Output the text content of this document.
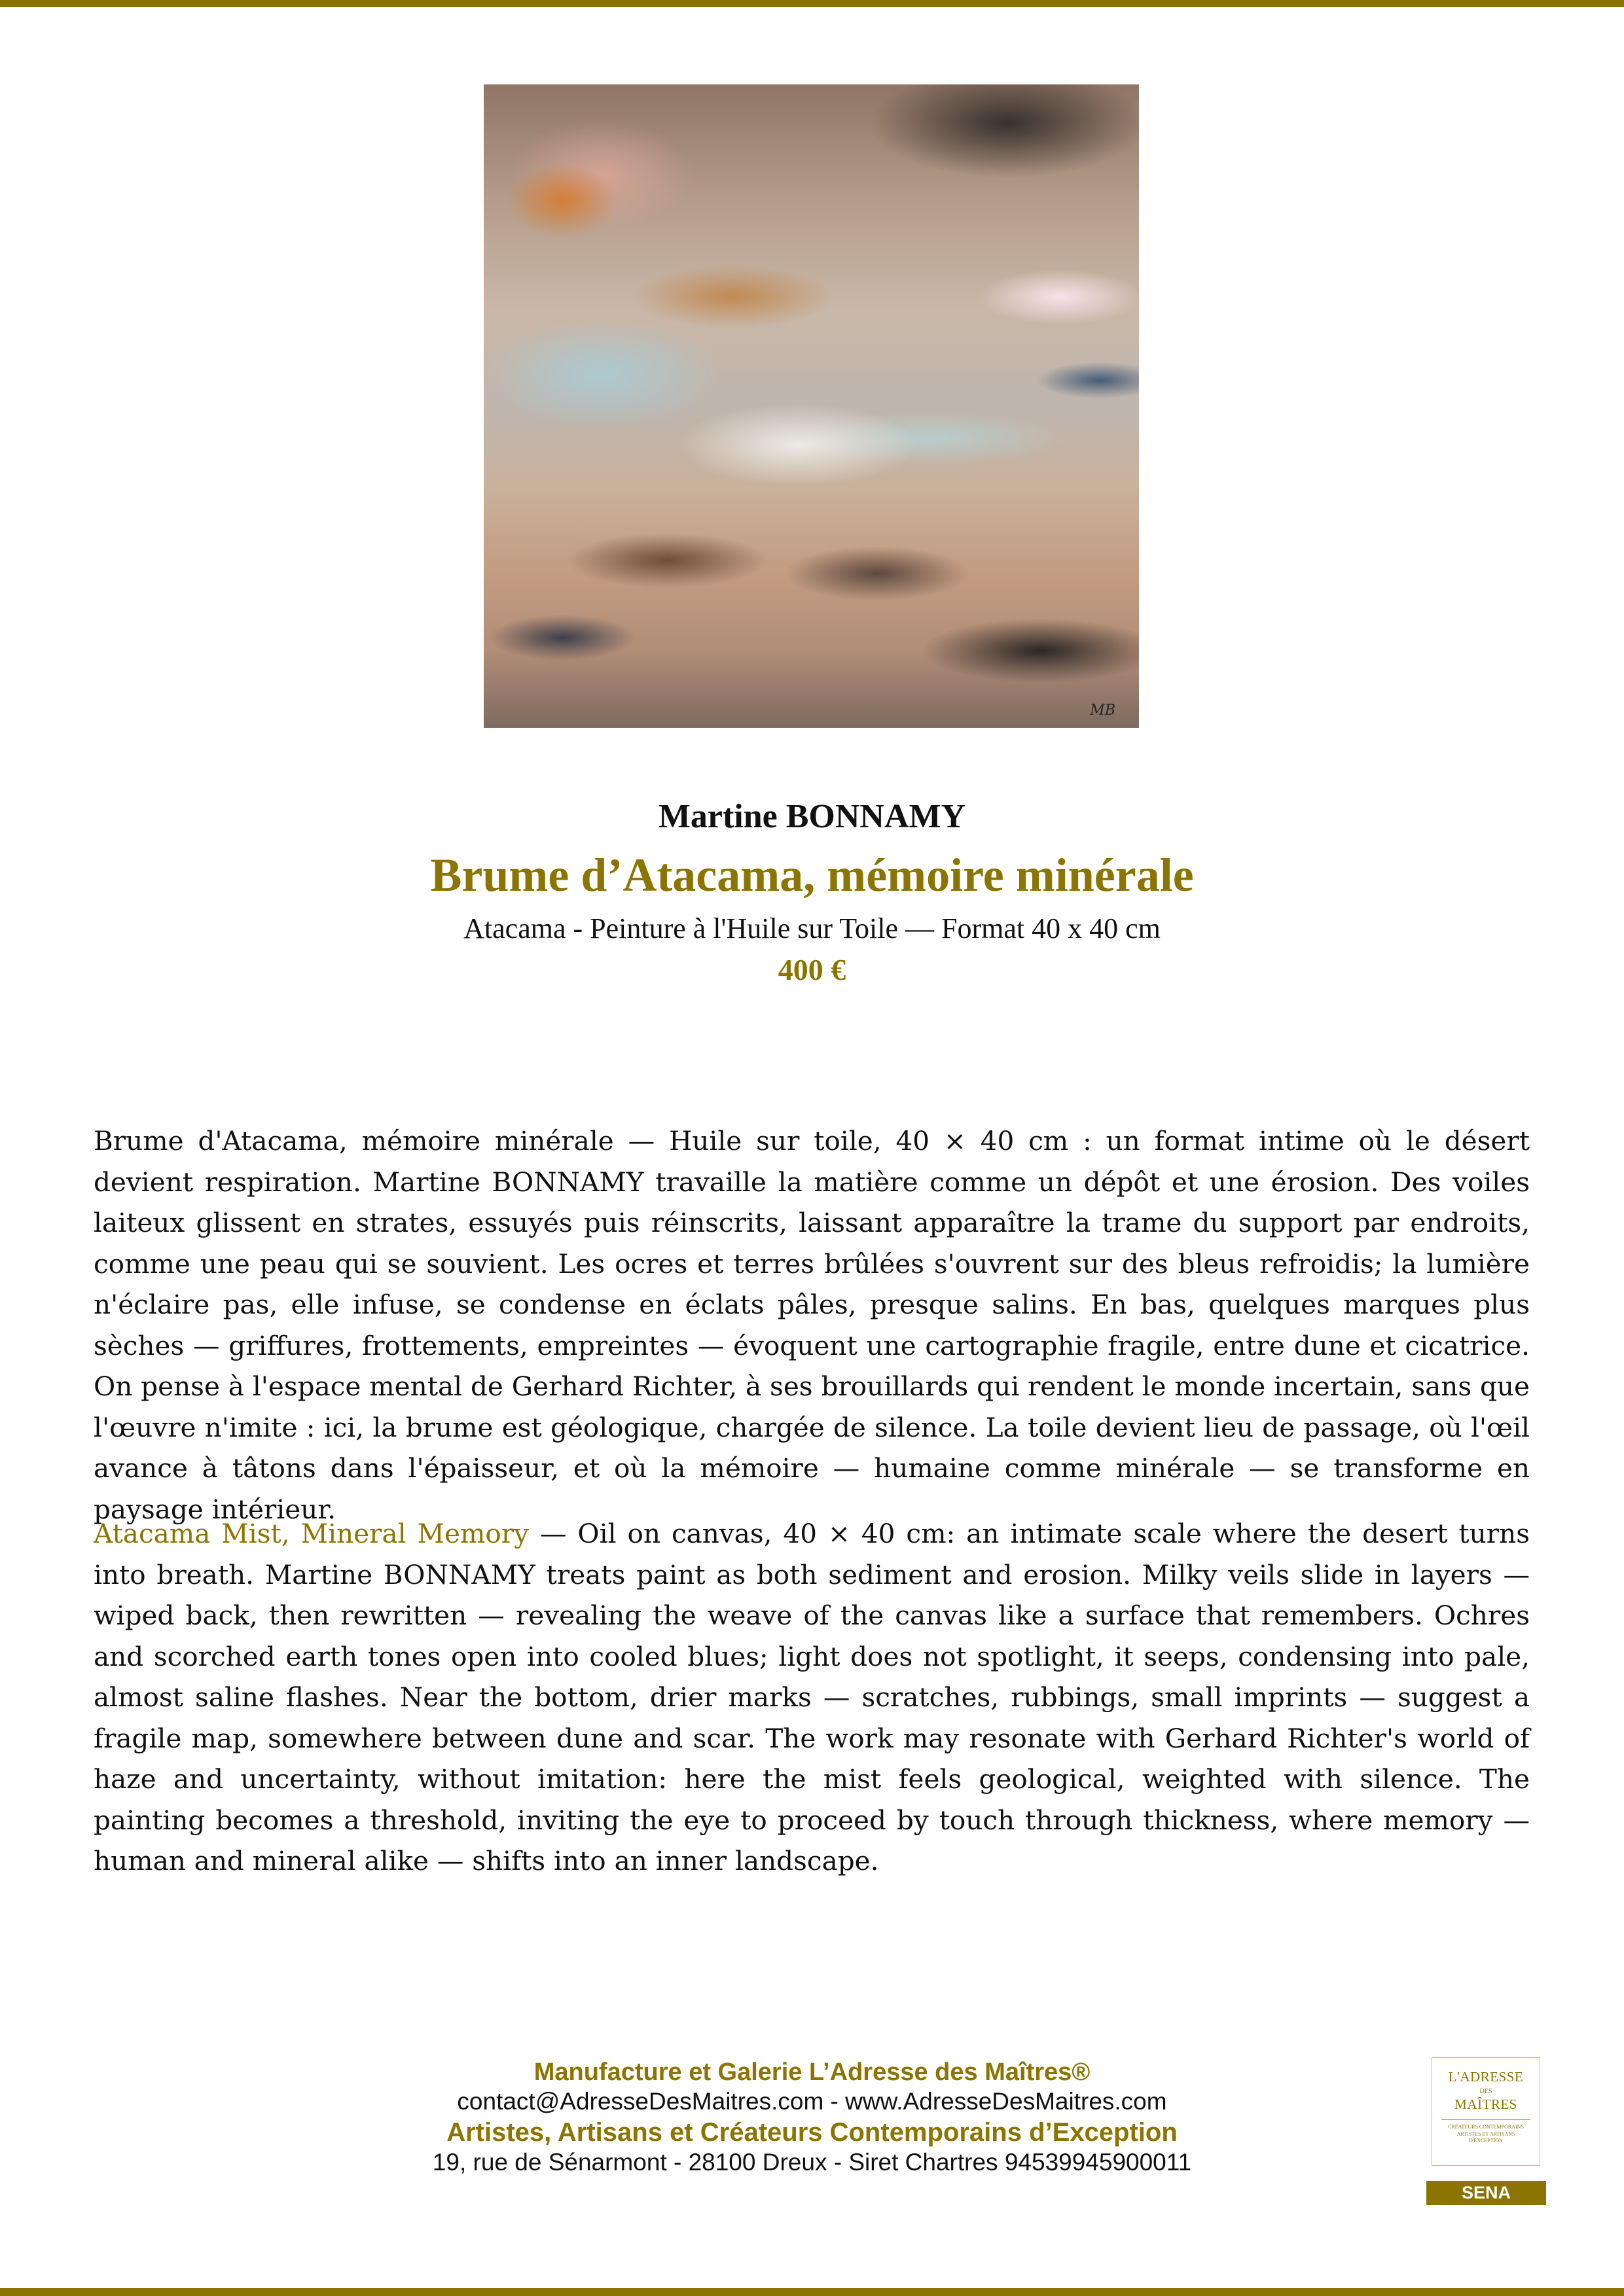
MB
Martine BONNAMY
Brume d’Atacama, mémoire minérale
Atacama - Peinture à l'Huile sur Toile — Format 40 x 40 cm
400 €

Brume d'Atacama, mémoire minérale — Huile sur toile, 40 × 40 cm : un format intime où le désert devient respiration. Martine BONNAMY travaille la matière comme un dépôt et une érosion. Des voiles laiteux glissent en strates, essuyés puis réinscrits, laissant apparaître la trame du support par endroits, comme une peau qui se souvient. Les ocres et terres brûlées s'ouvrent sur des bleus refroidis; la lumière n'éclaire pas, elle infuse, se condense en éclats pâles, presque salins. En bas, quelques marques plus sèches — griffures, frottements, empreintes — évoquent une cartographie fragile, entre dune et cicatrice. On pense à l'espace mental de Gerhard Richter, à ses brouillards qui rendent le monde incertain, sans que l'œuvre n'imite : ici, la brume est géologique, chargée de silence. La toile devient lieu de passage, où l'œil avance à tâtons dans l'épaisseur, et où la mémoire — humaine comme minérale — se transforme en paysage intérieur.

Atacama Mist, Mineral Memory — Oil on canvas, 40 × 40 cm: an intimate scale where the desert turns into breath. Martine BONNAMY treats paint as both sediment and erosion. Milky veils slide in layers — wiped back, then rewritten — revealing the weave of the canvas like a surface that remembers. Ochres and scorched earth tones open into cooled blues; light does not spotlight, it seeps, condensing into pale, almost saline flashes. Near the bottom, drier marks — scratches, rubbings, small imprints — suggest a fragile map, somewhere between dune and scar. The work may resonate with Gerhard Richter's world of haze and uncertainty, without imitation: here the mist feels geological, weighted with silence. The painting becomes a threshold, inviting the eye to proceed by touch through thickness, where memory — human and mineral alike — shifts into an inner landscape.

Manufacture et Galerie L’Adresse des Maîtres®
contact@AdresseDesMaitres.com - www.AdresseDesMaitres.com
Artistes, Artisans et Créateurs Contemporains d’Exception
19, rue de Sénarmont - 28100 Dreux - Siret Chartres 94539945900011
L'ADRESSE
DES
MAÎTRES
CRÉATEURS CONTEMPORAINS
ARTISTES ET ARTISANS
D'EXCEPTION
SENA
